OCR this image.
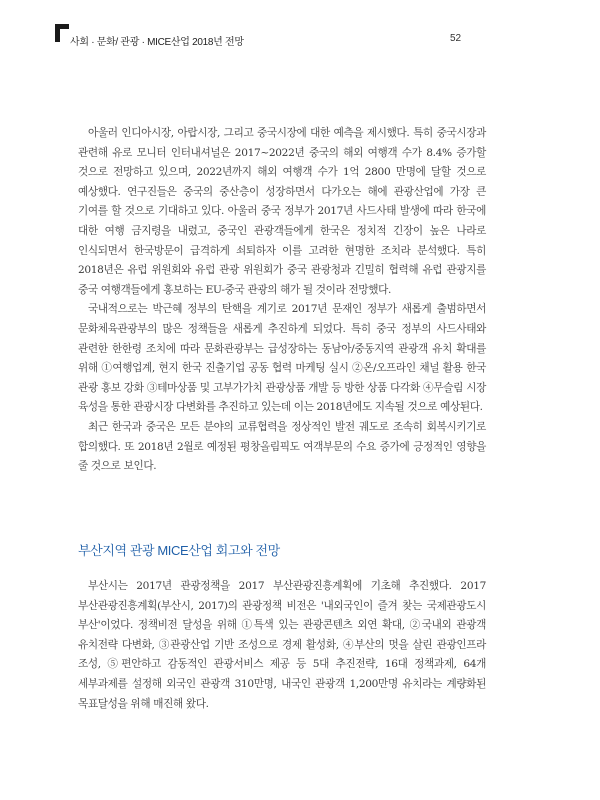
사회 · 문화/ 관광 · MICE산업 2018년 전망	52

아울러 인디아시장, 아랍시장, 그리고 중국시장에 대한 예측을 제시했다. 특히 중국시장과 관련해 유로 모니터 인터내셔널은 2017~2022년 중국의 해외 여행객 수가 8.4% 증가할 것으로 전망하고 있으며, 2022년까지 해외 여행객 수가 1억 2800 만명에 달할 것으로 예상했다. 연구진들은 중국의 중산층이 성장하면서 다가오는 해에 관광산업에 가장 큰 기여를 할 것으로 기대하고 있다. 아울러 중국 정부가 2017년 사드사태 발생에 따라 한국에 대한 여행 금지령을 내렸고, 중국인 관광객들에게 한국은 정치적 긴장이 높은 나라로 인식되면서 한국방문이 급격하게 쇠퇴하자 이를 고려한 현명한 조치라 분석했다. 특히 2018년은 유럽 위원회와 유럽 관광 위원회가 중국 관광청과 긴밀히 협력해 유럽 관광지를 중국 여행객들에게 홍보하는 EU-중국 관광의 해가 될 것이라 전망했다.

국내적으로는 박근혜 정부의 탄핵을 계기로 2017년 문재인 정부가 새롭게 출범하면서 문화체육관광부의 많은 정책들을 새롭게 추진하게 되었다. 특히 중국 정부의 사드사태와 관련한 한한령 조치에 따라 문화관광부는 급성장하는 동남아/중동지역 관광객 유치 확대를 위해 ①여행업계, 현지 한국 진출기업 공동 협력 마케팅 실시 ②온/오프라인 채널 활용 한국 관광 홍보 강화 ③테마상품 및 고부가가치 관광상품 개발 등 방한 상품 다각화 ④무슬림 시장 육성을 통한 관광시장 다변화를 추진하고 있는데 이는 2018년에도 지속될 것으로 예상된다.

최근 한국과 중국은 모든 분야의 교류협력을 정상적인 발전 궤도로 조속히 회복시키기로 합의했다. 또 2018년 2월로 예정된 평창올림픽도 여객부문의 수요 증가에 긍정적인 영향을 줄 것으로 보인다.

부산지역 관광 MICE산업 회고와 전망

부산시는 2017년 관광정책을 2017 부산관광진흥계획에 기초해 추진했다. 2017 부산관광진흥계획(부산시, 2017)의 관광정책 비전은 '내외국인이 즐겨 찾는 국제관광도시 부산'이었다. 정책비전 달성을 위해 ①특색 있는 관광콘텐츠 외연 확대, ②국내외 관광객 유치전략 다변화, ③관광산업 기반 조성으로 경제 활성화, ④부산의 멋을 살린 관광인프라 조성, ⑤편안하고 감동적인 관광서비스 제공 등 5대 추진전략, 16대 정책과제, 64개 세부과제를 설정해 외국인 관광객 310만명, 내국인 관광객 1,200만명 유치라는 계량화된 목표달성을 위해 매진해 왔다.
